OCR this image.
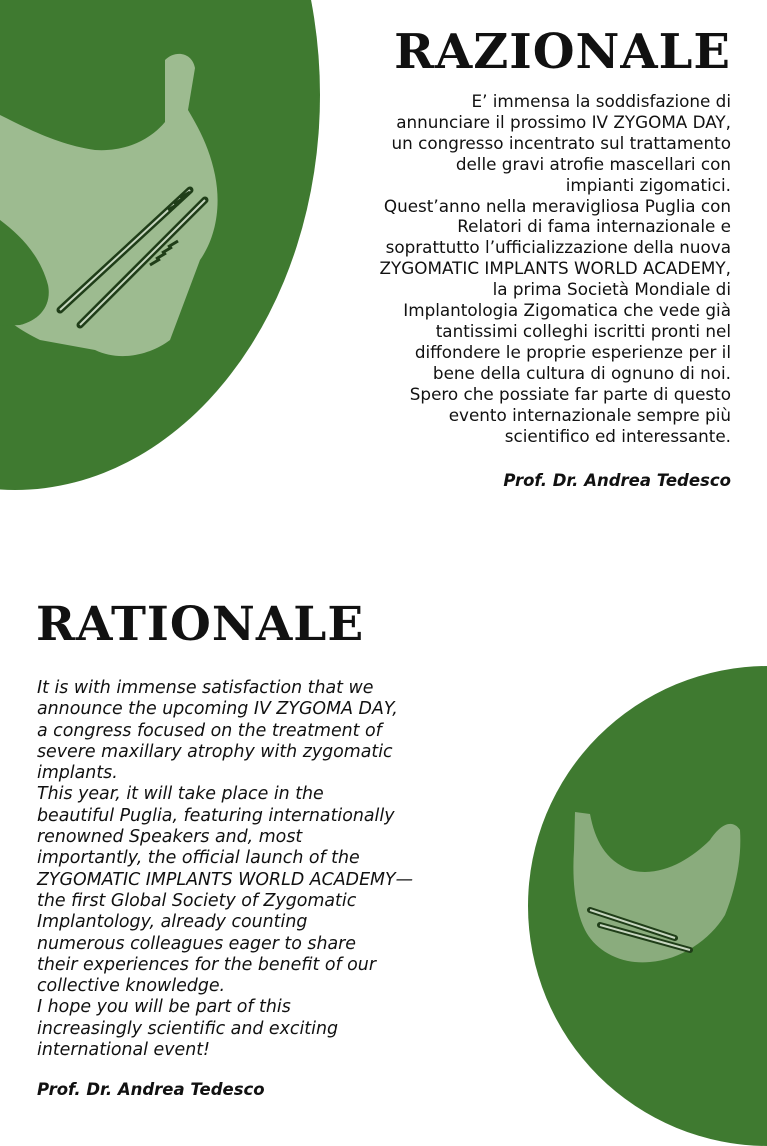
RAZIONALE

E’ immensa la soddisfazione di

annunciare il prossimo IV ZYGOMA DAY,

un congresso incentrato sul trattamento

delle gravi atrofie mascellari con

impianti zigomatici.

Quest’anno nella meravigliosa Puglia con

Relatori di fama internazionale e

soprattutto l’ufficializzazione della nuova

ZYGOMATIC IMPLANTS WORLD ACADEMY,

la prima Società Mondiale di

Implantologia Zigomatica che vede già

tantissimi colleghi iscritti pronti nel

diffondere le proprie esperienze per il

bene della cultura di ognuno di noi.

Spero che possiate far parte di questo

evento internazionale sempre più

scientifico ed interessante.

Prof. Dr. Andrea Tedesco
RATIONALE

It is with immense satisfaction that we

announce the upcoming IV ZYGOMA DAY,

a congress focused on the treatment of

severe maxillary atrophy with zygomatic

implants.

This year, it will take place in the

beautiful Puglia, featuring internationally

renowned Speakers and, most

importantly, the official launch of the

ZYGOMATIC IMPLANTS WORLD ACADEMY—

the first Global Society of Zygomatic

Implantology, already counting

numerous colleagues eager to share

their experiences for the benefit of our

collective knowledge.

I hope you will be part of this

increasingly scientific and exciting

international event!

Prof. Dr. Andrea Tedesco
